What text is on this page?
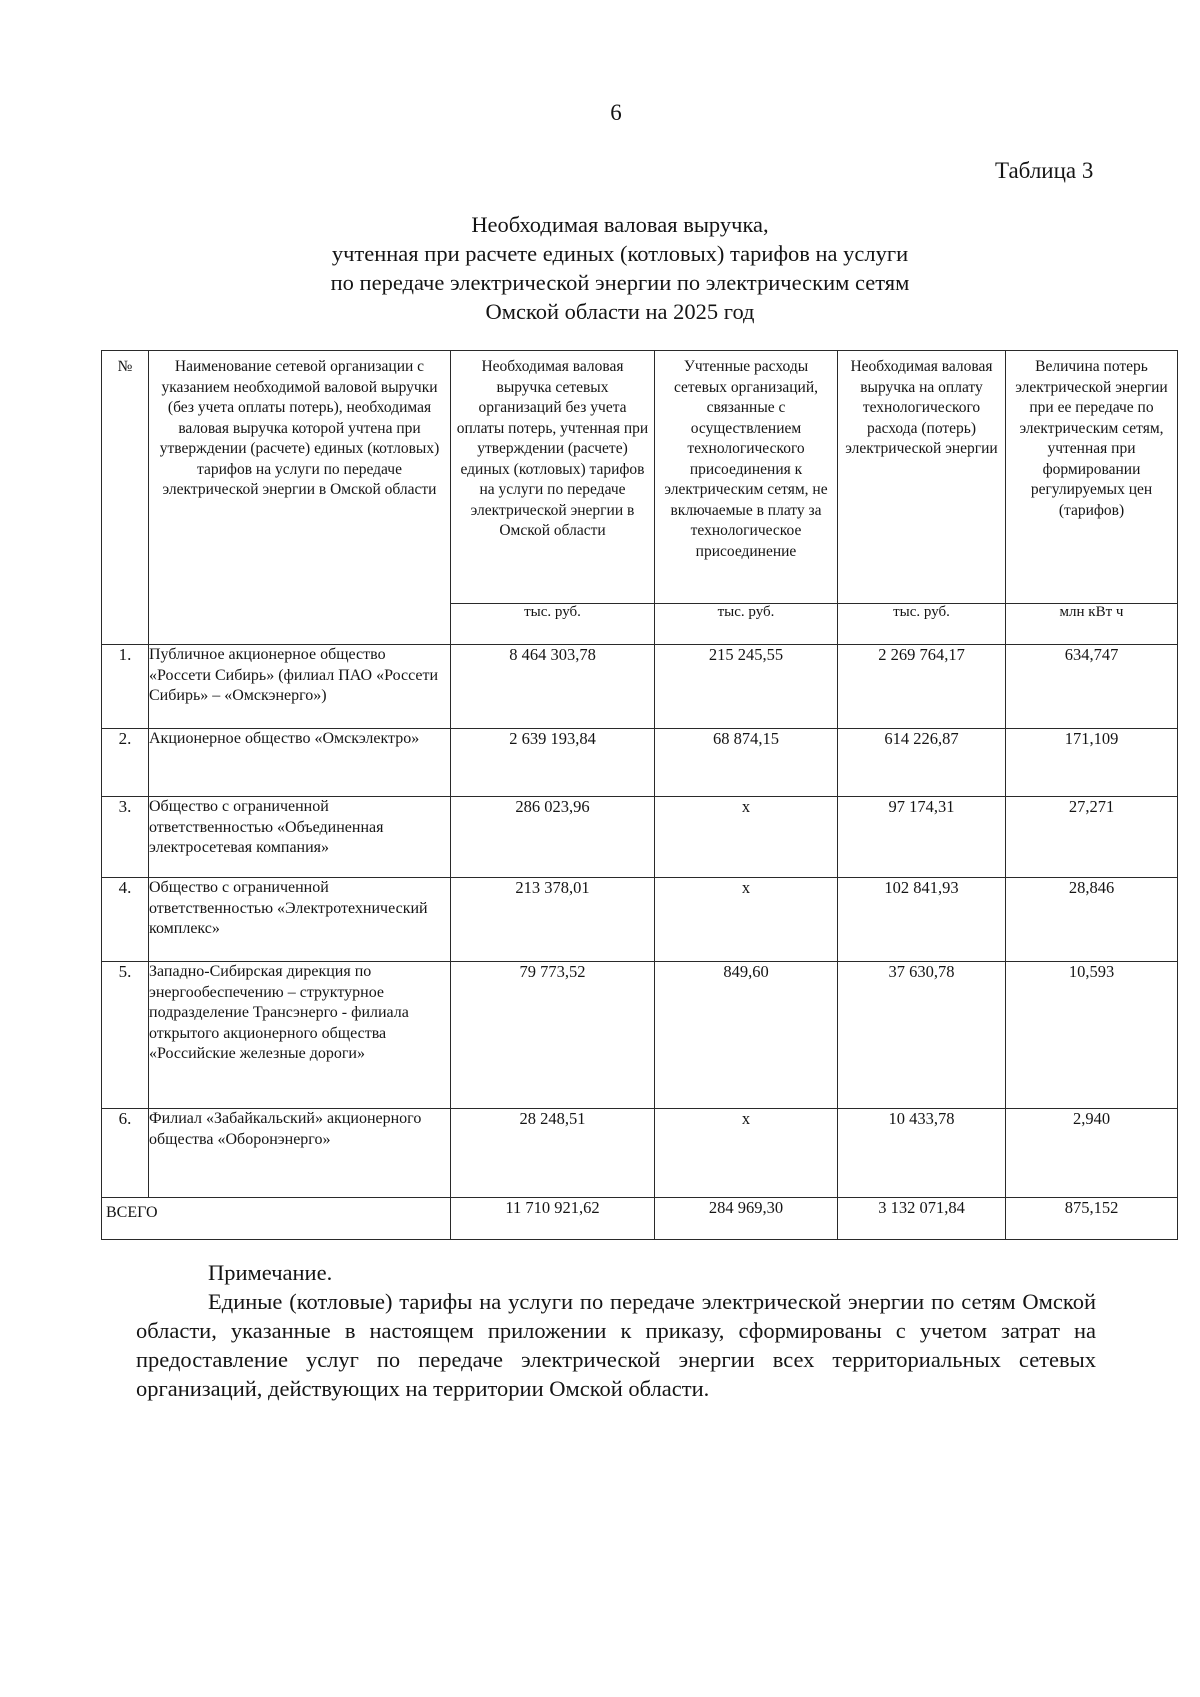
6
Таблица 3
Необходимая валовая выручка,
учтенная при расчете единых (котловых) тарифов на услуги
по передаче электрической энергии по электрическим сетям
Омской области на 2025 год
№	Наименование сетевой организации с указанием необходимой валовой выручки (без учета оплаты потерь), необходимая валовая выручка которой учтена при утверждении (расчете) единых (котловых) тарифов на услуги по передаче электрической энергии в Омской области	Необходимая валовая выручка сетевых организаций без учета оплаты потерь, учтенная при утверждении (расчете) единых (котловых) тарифов на услуги по передаче электрической энергии в Омской области	Учтенные расходы сетевых организаций, связанные с осуществлением технологического присоединения к электрическим сетям, не включаемые в плату за технологическое присоединение	Необходимая валовая выручка на оплату технологического расхода (потерь) электрической энергии	Величина потерь электрической энергии при ее передаче по электрическим сетям, учтенная при формировании регулируемых цен (тарифов)
		тыс. руб.	тыс. руб.	тыс. руб.	млн кВт ч
1.	Публичное акционерное общество «Россети Сибирь» (филиал ПАО «Россети Сибирь» – «Омскэнерго»)	8 464 303,78	215 245,55	2 269 764,17	634,747
2.	Акционерное общество «Омскэлектро»	2 639 193,84	68 874,15	614 226,87	171,109
3.	Общество с ограниченной ответственностью «Объединенная электросетевая компания»	286 023,96	х	97 174,31	27,271
4.	Общество с ограниченной ответственностью «Электротехнический комплекс»	213 378,01	х	102 841,93	28,846
5.	Западно-Сибирская дирекция по энергообеспечению – структурное подразделение Трансэнерго - филиала открытого акционерного общества «Российские железные дороги»	79 773,52	849,60	37 630,78	10,593
6.	Филиал «Забайкальский» акционерного общества «Оборонэнерго»	28 248,51	х	10 433,78	2,940
ВСЕГО		11 710 921,62	284 969,30	3 132 071,84	875,152
Примечание.
Единые (котловые) тарифы на услуги по передаче электрической энергии по сетям Омской области, указанные в настоящем приложении к приказу, сформированы с учетом затрат на предоставление услуг по передаче электрической энергии всех территориальных сетевых организаций, действующих на территории Омской области.
